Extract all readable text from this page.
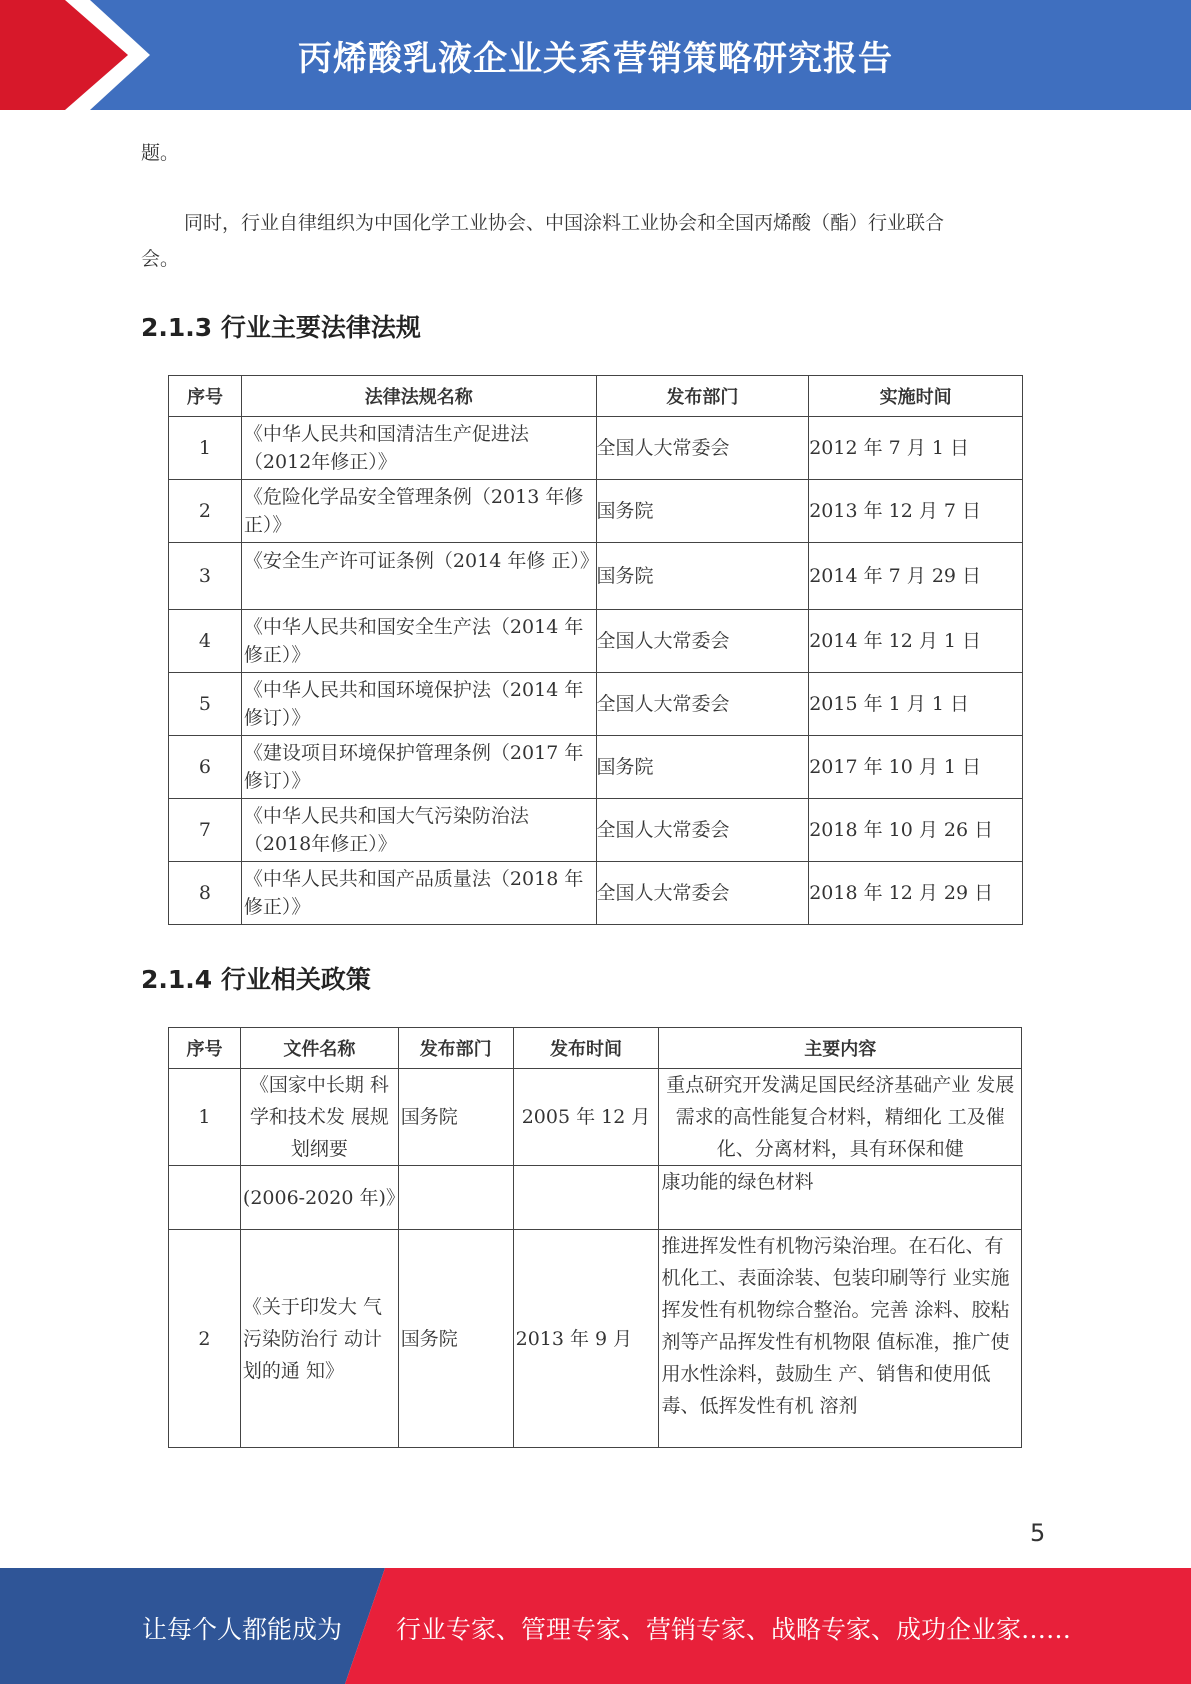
丙烯酸乳液企业关系营销策略研究报告
题。
同时，行业自律组织为中国化学工业协会、中国涂料工业协会和全国丙烯酸（酯）行业联合
会。
2.1.3 行业主要法律法规
序号	法律法规名称	发布部门	实施时间
1	《中华人民共和国清洁生产促进法（2012年修正）》	全国人大常委会	2012 年 7 月 1 日
2	《危险化学品安全管理条例（2013 年修正）》	国务院	2013 年 12 月 7 日
3	《安全生产许可证条例（2014 年修 正）》	国务院	2014 年 7 月 29 日
4	《中华人民共和国安全生产法（2014 年修正）》	全国人大常委会	2014 年 12 月 1 日
5	《中华人民共和国环境保护法（2014 年修订）》	全国人大常委会	2015 年 1 月 1 日
6	《建设项目环境保护管理条例（2017 年修订）》	国务院	2017 年 10 月 1 日
7	《中华人民共和国大气污染防治法（2018年修正）》	全国人大常委会	2018 年 10 月 26 日
8	《中华人民共和国产品质量法（2018 年修正）》	全国人大常委会	2018 年 12 月 29 日
2.1.4 行业相关政策
序号	文件名称	发布部门	发布时间	主要内容
1	《国家中长期 科学和技术发 展规划纲要	国务院	2005 年 12 月	重点研究开发满足国民经济基础产业 发展需求的高性能复合材料，精细化 工及催化、分离材料，具有环保和健
	(2006-2020 年)》			康功能的绿色材料
2	《关于印发大 气污染防治行 动计划的通 知》	国务院	2013 年 9 月	推进挥发性有机物污染治理。在石化、有机化工、表面涂装、包装印刷等行 业实施挥发性有机物综合整治。完善 涂料、胶粘剂等产品挥发性有机物限 值标准，推广使用水性涂料，鼓励生 产、销售和使用低毒、低挥发性有机 溶剂
5
让每个人都能成为 行业专家、管理专家、营销专家、战略专家、成功企业家……
